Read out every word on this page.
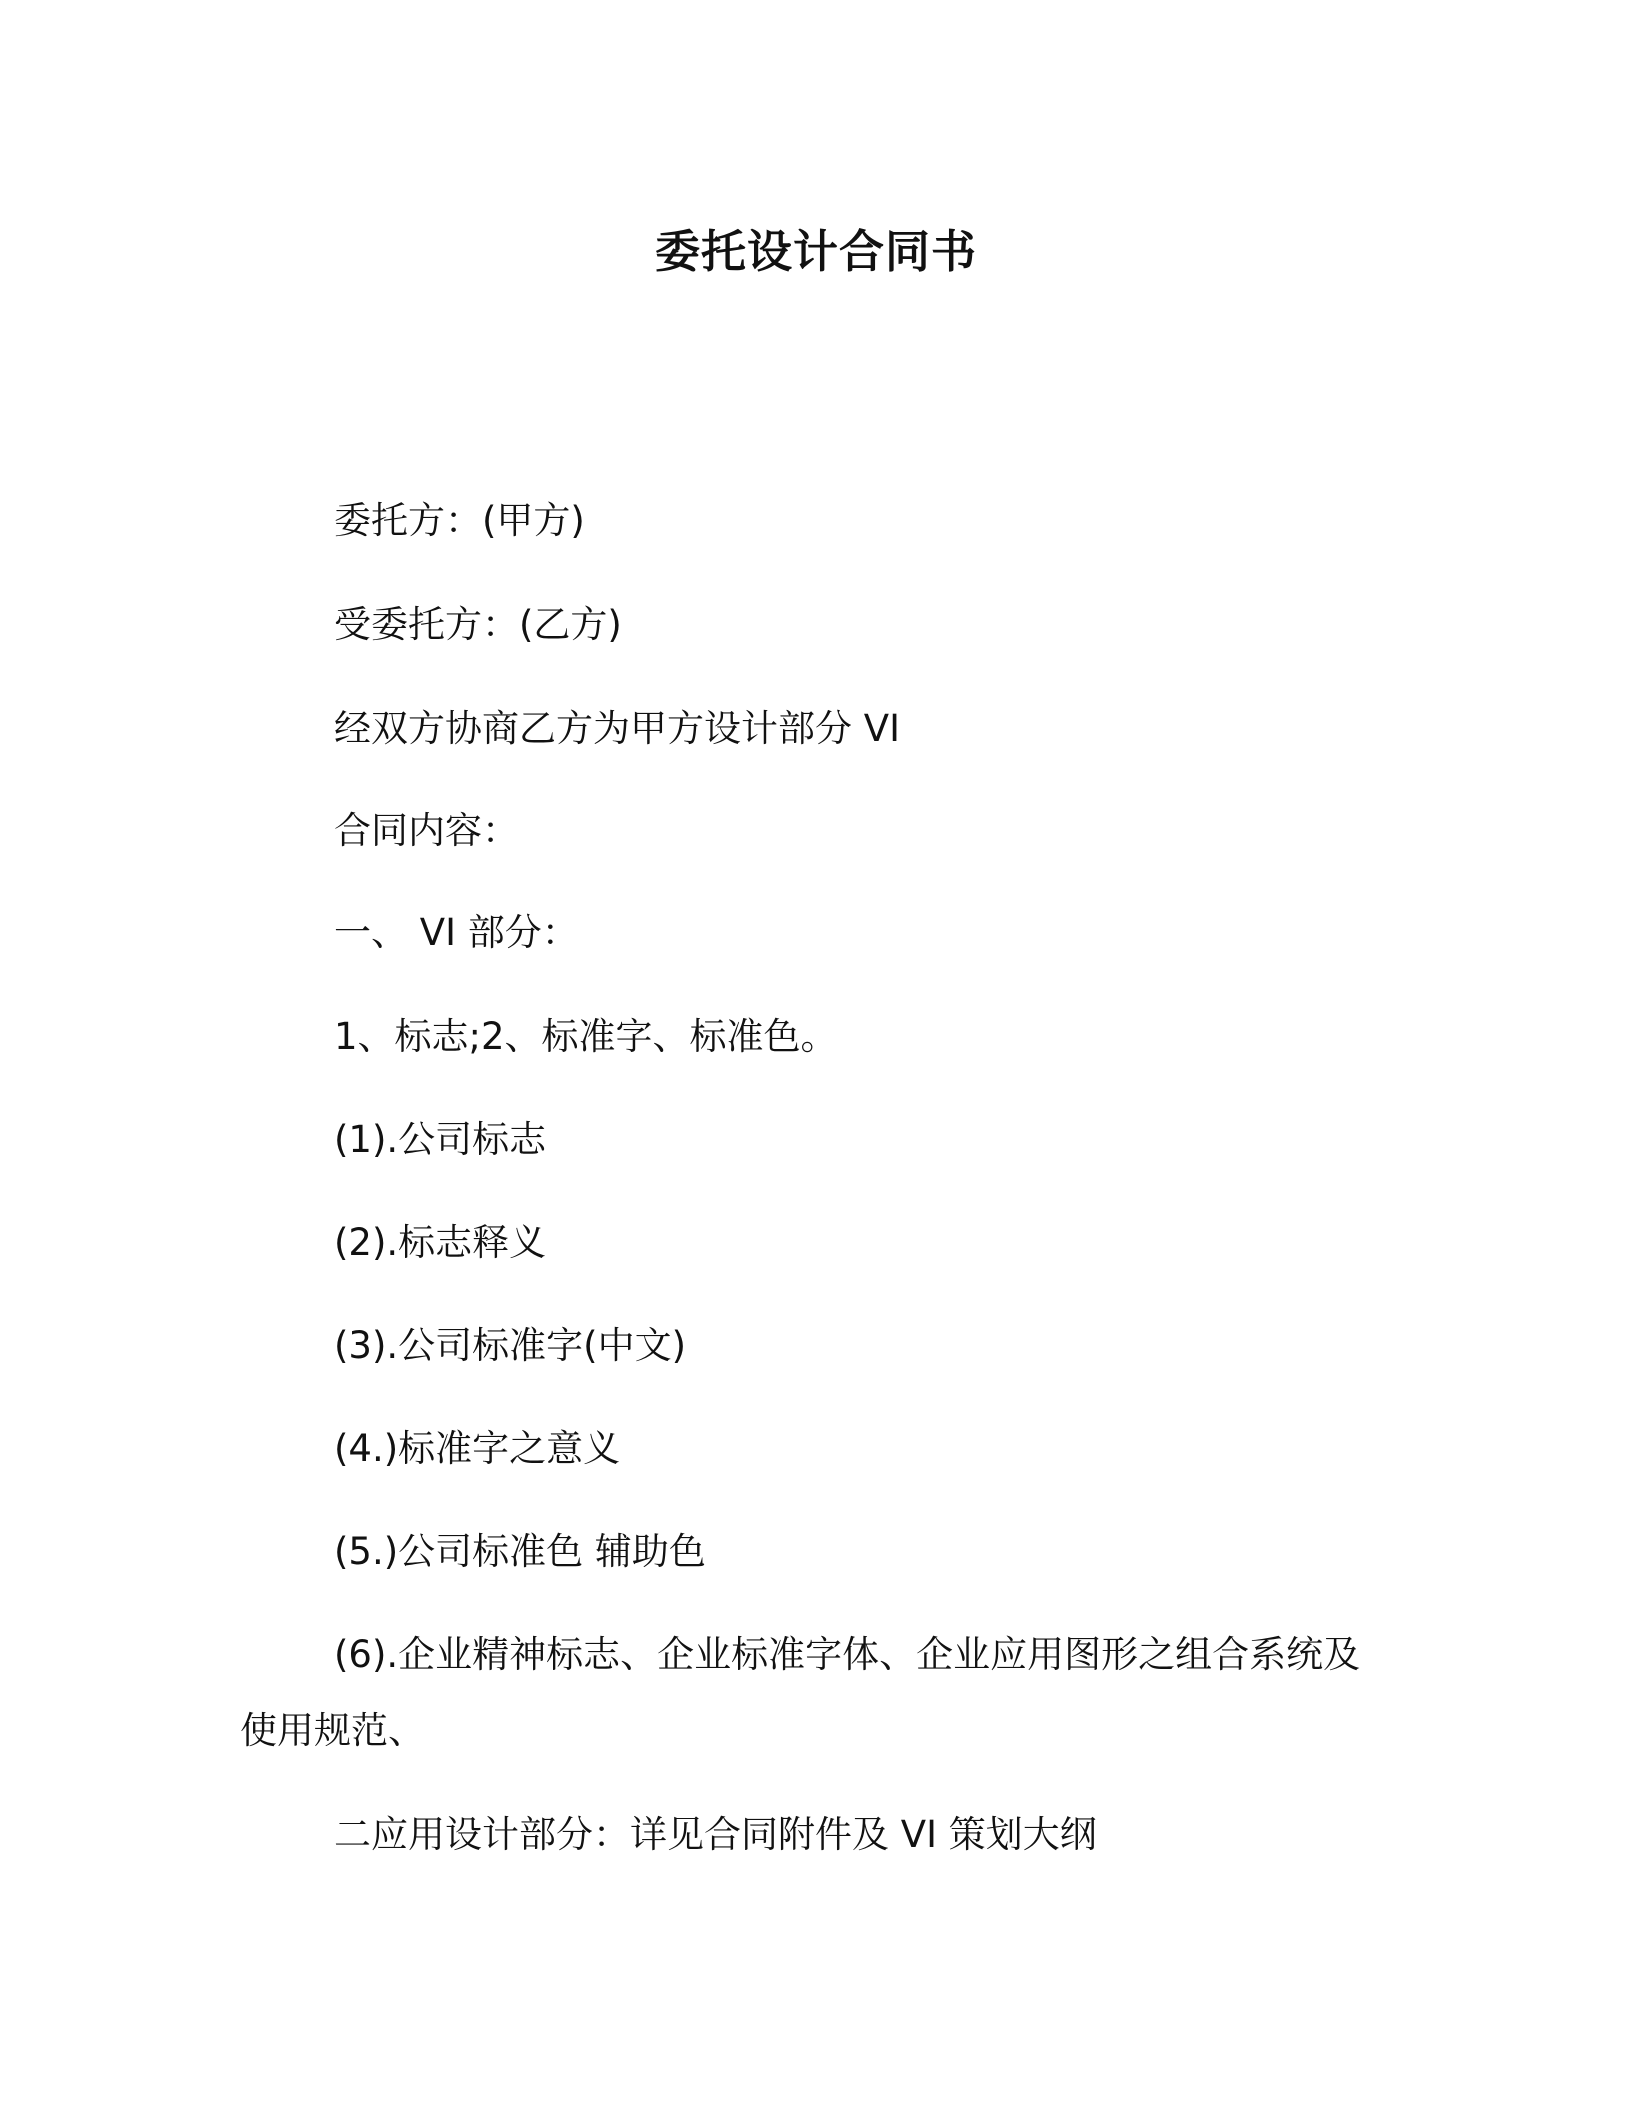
委托设计合同书

委托方：(甲方)

受委托方：(乙方)

经双方协商乙方为甲方设计部分 VI

合同内容：

一、 VI 部分：

1、标志;2、标准字、标准色。

(1).公司标志

(2).标志释义

(3).公司标准字(中文)

(4.)标准字之意义

(5.)公司标准色 辅助色

(6).企业精神标志、企业标准字体、企业应用图形之组合系统及使用规范、

二应用设计部分：详见合同附件及 VI 策划大纲
